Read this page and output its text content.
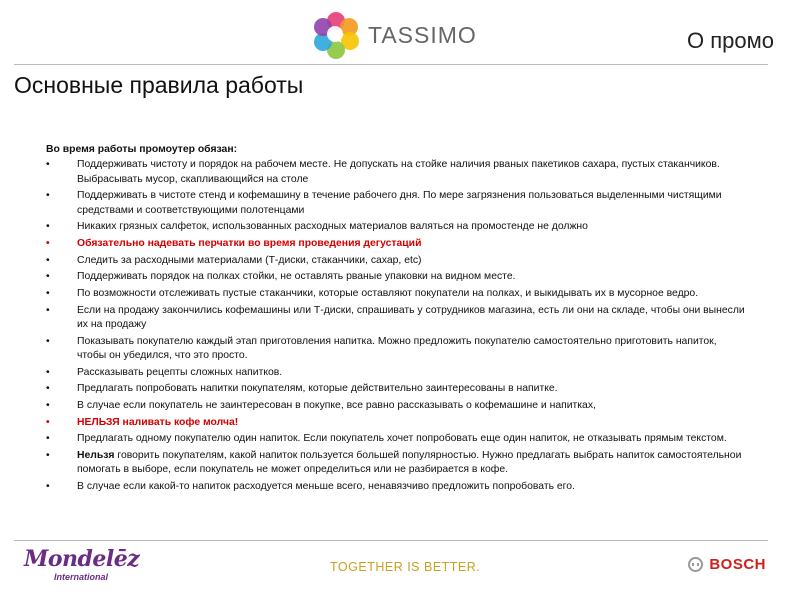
TASSIMO	О промо
Основные правила работы
Во время работы промоутер обязан:
•	Поддерживать чистоту и порядок на рабочем месте. Не допускать на стойке наличия рваных пакетиков сахара, пустых стаканчиков. Выбрасывать мусор, скапливающийся на столе
•	Поддерживать в чистоте стенд и кофемашину в течение рабочего дня. По мере загрязнения пользоваться выделенными чистящими средствами и соответствующими полотенцами
•	Никаких грязных салфеток, использованных расходных материалов валяться на промостенде не должно
•	Обязательно надевать перчатки во время проведения дегустаций
•	Следить за расходными материалами (Т-диски, стаканчики, сахар, etc)
•	Поддерживать порядок на полках стойки, не оставлять рваные упаковки на видном месте.
•	По возможности отслеживать пустые стаканчики, которые оставляют покупатели на полках, и выкидывать их в мусорное ведро.
•	Если на продажу закончились кофемашины или Т-диски, спрашивать у сотрудников магазина, есть ли они на складе, чтобы они вынесли их на продажу
•	Показывать покупателю каждый этап приготовления напитка. Можно предложить покупателю самостоятельно приготовить напиток, чтобы он убедился, что это просто.
•	Рассказывать рецепты сложных напитков.
•	Предлагать попробовать напитки покупателям, которые действительно заинтересованы в напитке.
•	В случае если покупатель не заинтересован в покупке, все равно рассказывать о кофемашине и напитках,
•	НЕЛЬЗЯ наливать кофе молча!
•	Предлагать одному покупателю один напиток. Если покупатель хочет попробовать еще один напиток, не отказывать прямым текстом.
•	Нельзя говорить покупателям, какой напиток пользуется большей популярностью. Нужно предлагать выбрать напиток самостоятельнои помогать в выборе, если покупатель не может определиться или не разбирается в кофе.
•	В случае если какой-то напиток расходуется меньше всего, ненавязчиво предложить попробовать его.
Mondelēz
International
TOGETHER IS BETTER.	BOSCH
